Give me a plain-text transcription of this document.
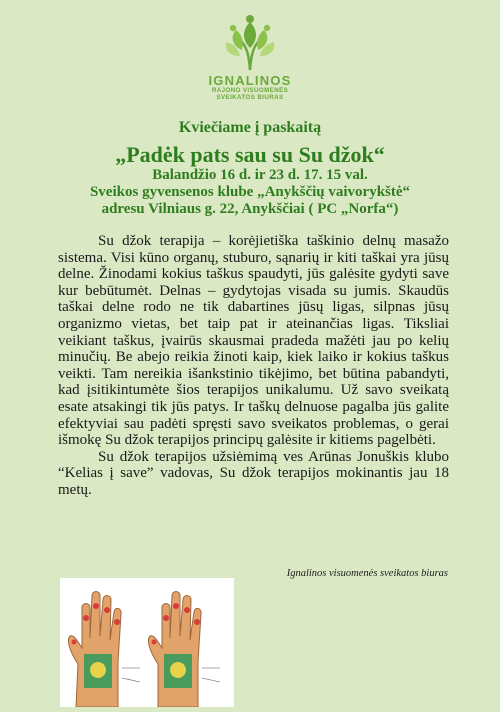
IGNALINOS
RAJONO VISUOMENĖS
SVEIKATOS BIURAS
Kviečiame į paskaitą
„Padėk pats sau su Su džok“
Balandžio 16 d. ir 23 d. 17. 15 val.
Sveikos gyvensenos klube „Anykščių vaivorykštė“
adresu Vilniaus g. 22, Anykščiai ( PC „Norfa“)

Su džok terapija – korėjietiška taškinio delnų masažo sistema. Visi kūno organų, stuburo, sąnarių ir kiti taškai yra jūsų delne. Žinodami kokius taškus spaudyti, jūs galėsite gydyti save kur bebūtumėt. Delnas – gydytojas visada su jumis. Skaudūs taškai delne rodo ne tik dabartines jūsų ligas, silpnas jūsų organizmo vietas, bet taip pat ir ateinančias ligas. Tiksliai veikiant taškus, įvairūs skausmai pradeda mažėti jau po kelių minučių. Be abejo reikia žinoti kaip, kiek laiko ir kokius taškus veikti. Tam nereikia išankstinio tikėjimo, bet būtina pabandyti, kad įsitikintumėte šios terapijos unikalumu. Už savo sveikatą esate atsakingi tik jūs patys. Ir taškų delnuose pagalba jūs galite efektyviai sau padėti spręsti savo sveikatos problemas, o gerai išmokę Su džok terapijos principų galėsite ir kitiems pagelbėti.

Su džok terapijos užsiėmimą ves Arūnas Jonuškis klubo “Kelias į save” vadovas, Su džok terapijos mokinantis jau 18 metų.

Ignalinos visuomenės sveikatos biuras
